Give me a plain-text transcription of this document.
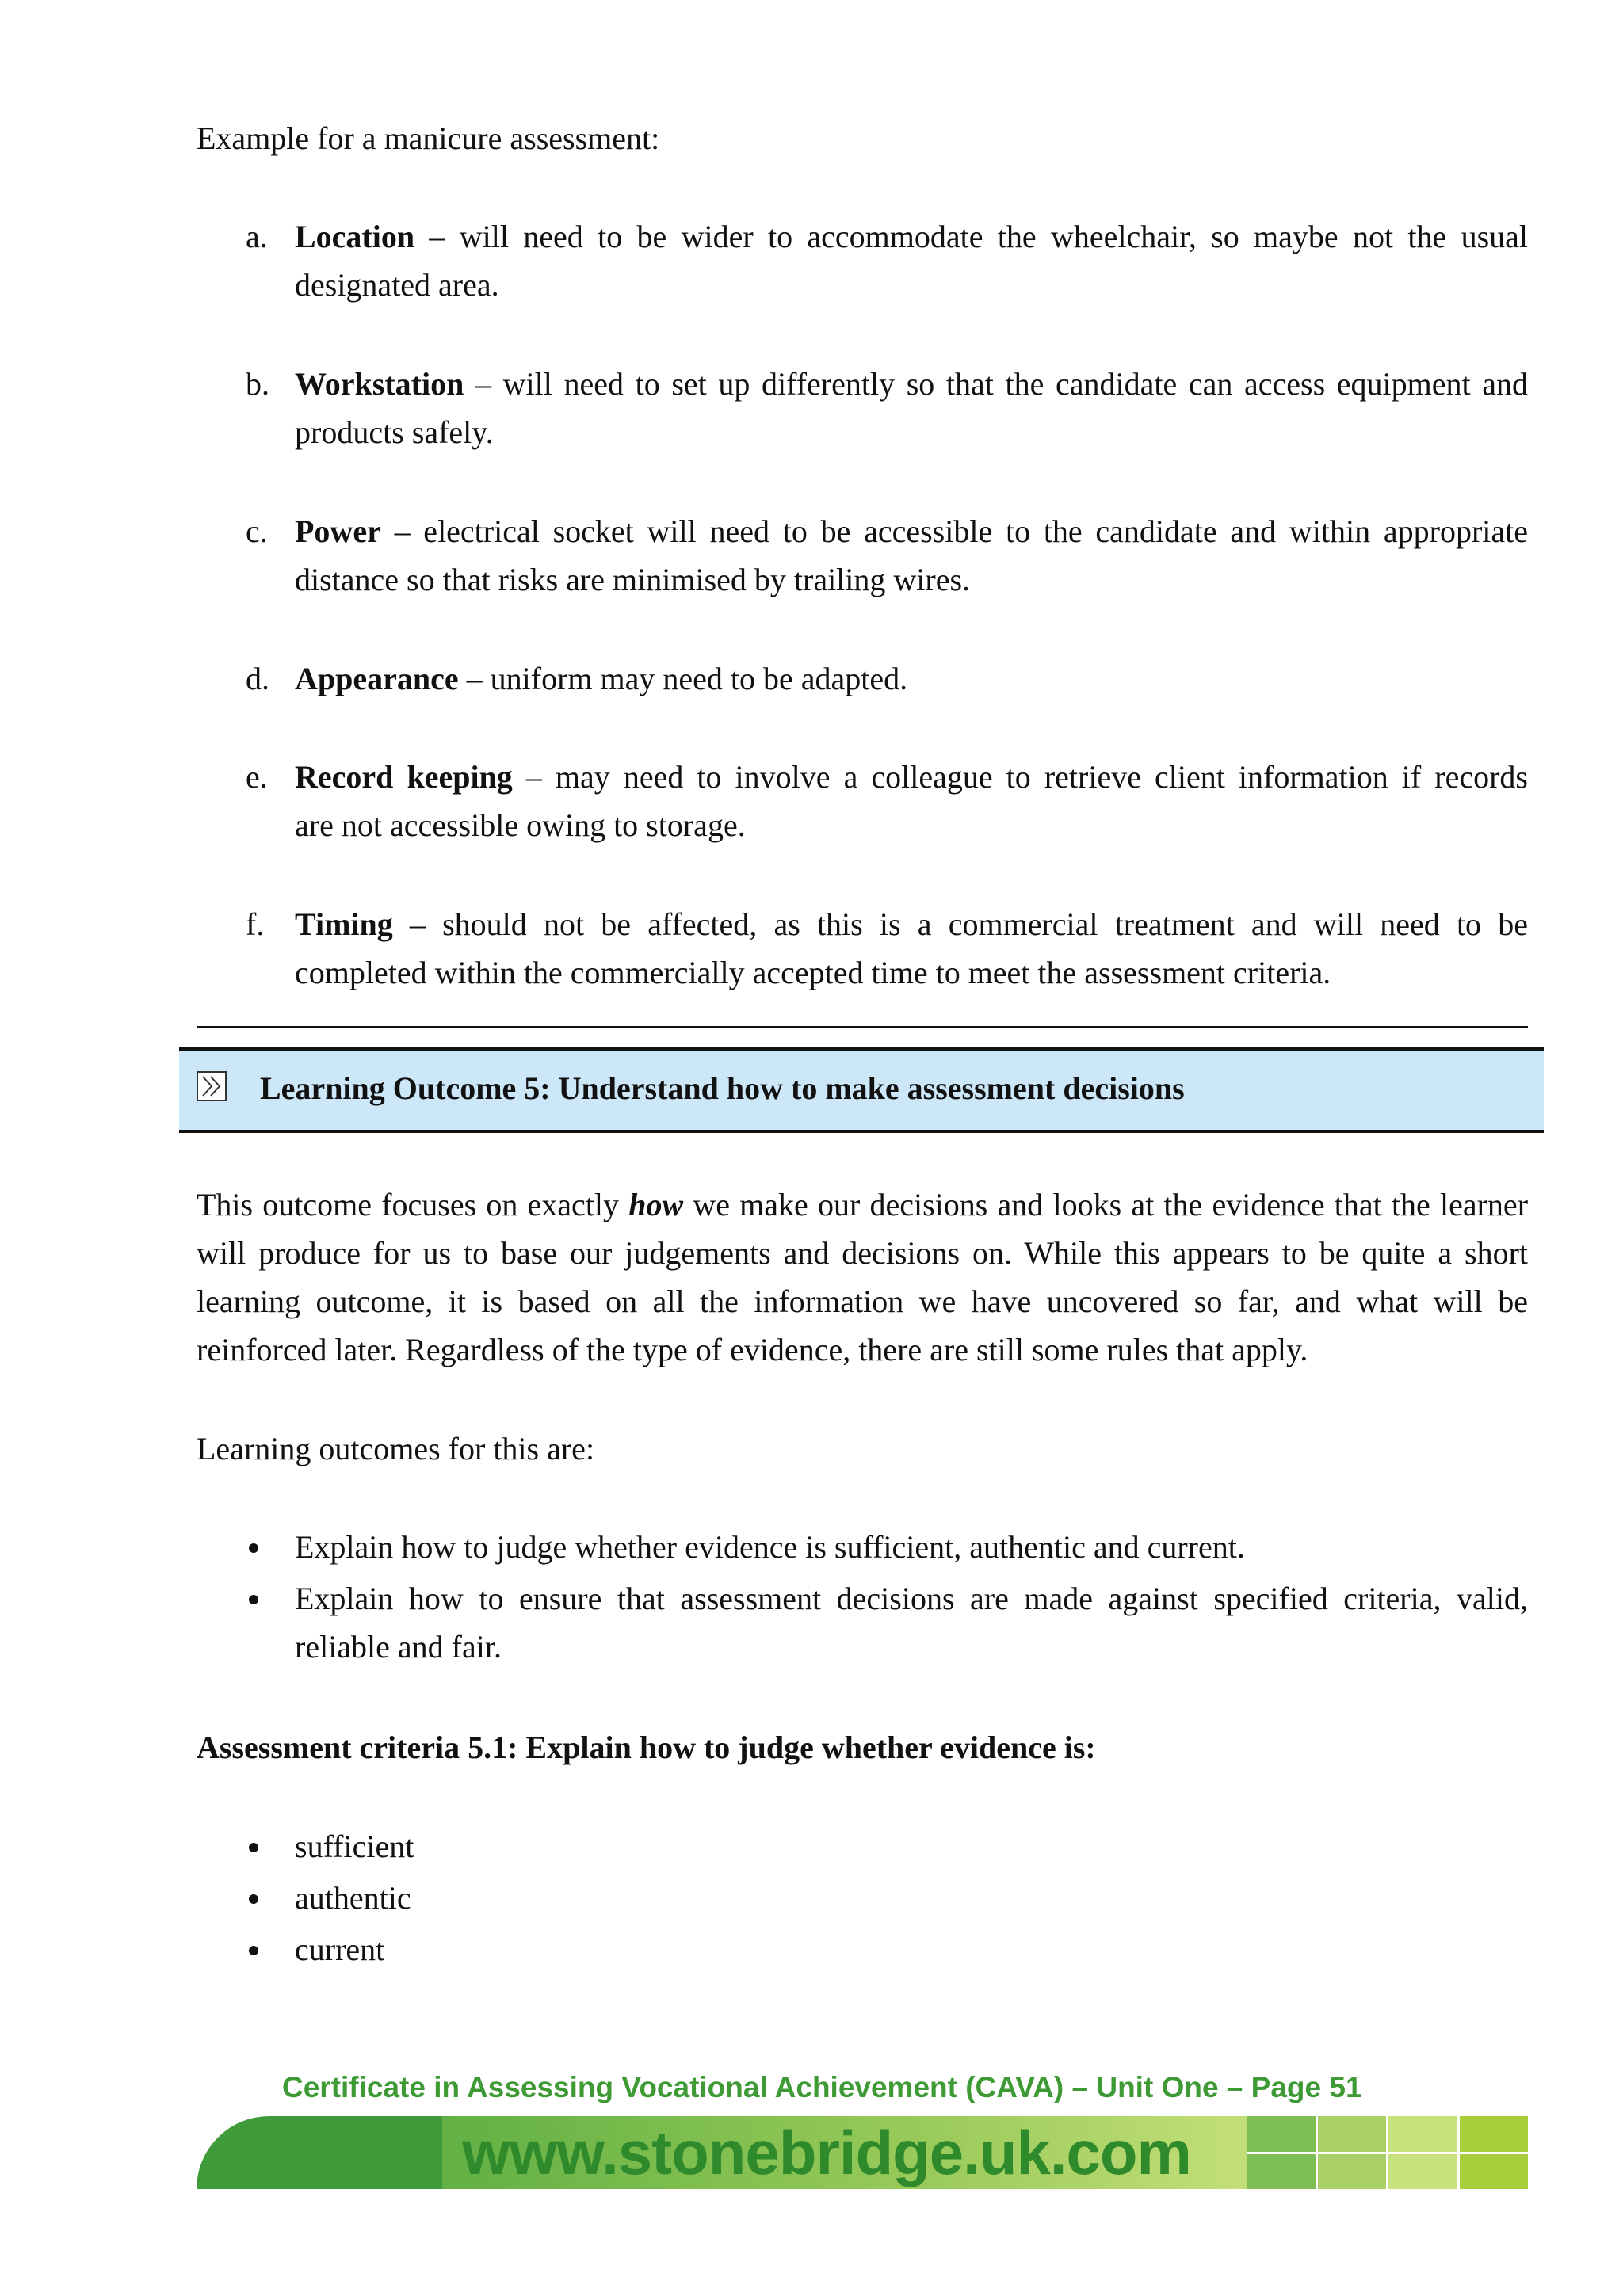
Example for a manicure assessment:

a. Location – will need to be wider to accommodate the wheelchair, so maybe not the usual
designated area.
b. Workstation – will need to set up differently so that the candidate can access equipment and
products safely.
c. Power – electrical socket will need to be accessible to the candidate and within appropriate
distance so that risks are minimised by trailing wires.
d. Appearance – uniform may need to be adapted.
e. Record keeping – may need to involve a colleague to retrieve client information if records
are not accessible owing to storage.
f. Timing – should not be affected, as this is a commercial treatment and will need to be
completed within the commercially accepted time to meet the assessment criteria.
Learning Outcome 5: Understand how to make assessment decisions

This outcome focuses on exactly how we make our decisions and looks at the evidence that the learner will produce for us to base our judgements and decisions on. While this appears to be quite a short learning outcome, it is based on all the information we have uncovered so far, and what will be reinforced later. Regardless of the type of evidence, there are still some rules that apply.

Learning outcomes for this are:

Explain how to judge whether evidence is sufficient, authentic and current.
Explain how to ensure that assessment decisions are made against specified criteria, valid,
reliable and fair.
Assessment criteria 5.1: Explain how to judge whether evidence is:
sufficient
authentic
current
Certificate in Assessing Vocational Achievement (CAVA) – Unit One – Page 51
www.stonebridge.uk.com
